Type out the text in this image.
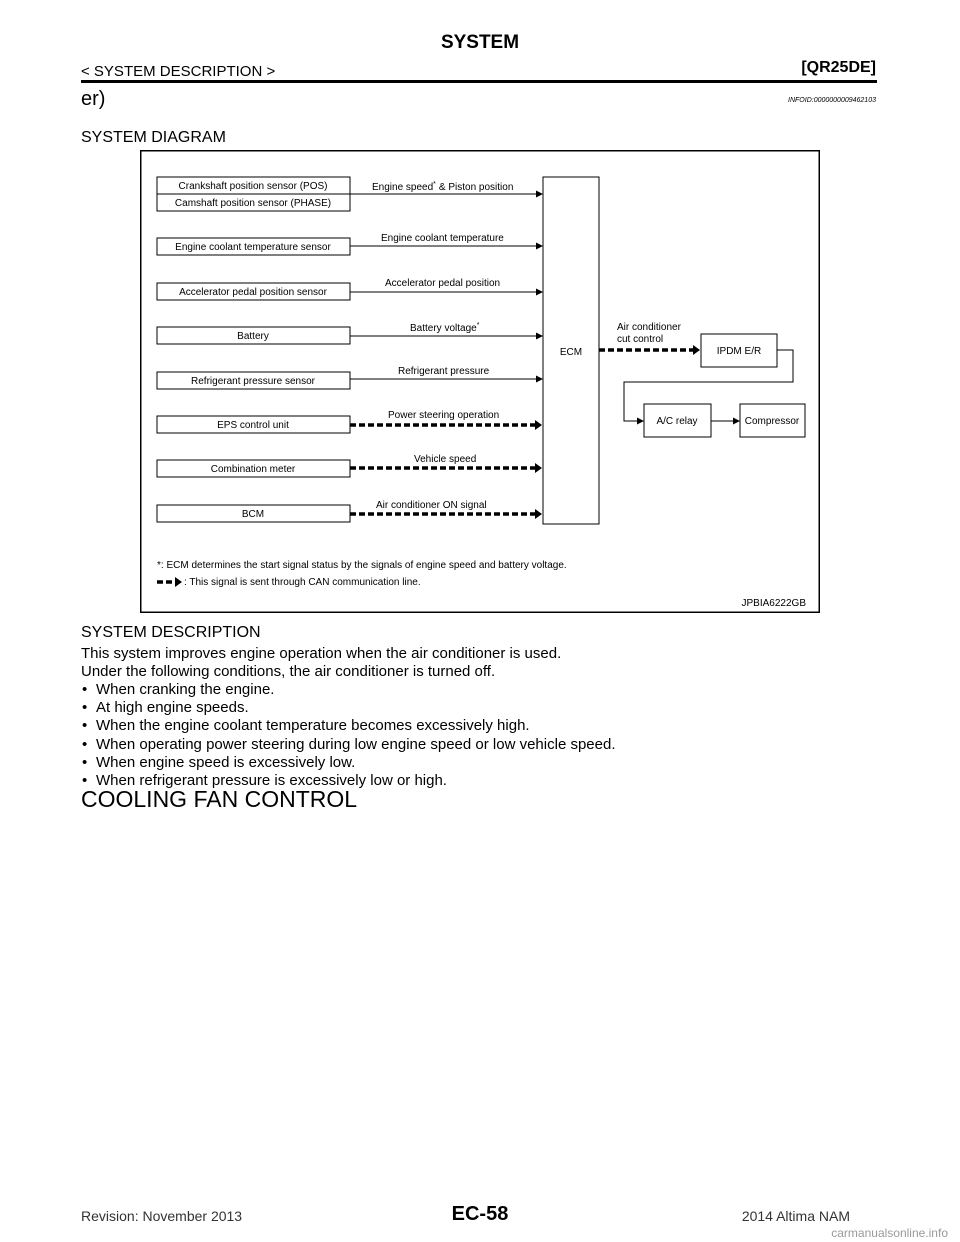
SYSTEM
< SYSTEM DESCRIPTION >	[QR25DE]
er)	INFOID:0000000009462103
SYSTEM DIAGRAM
Crankshaft position sensor (POS)
Camshaft position sensor (PHASE)
Engine coolant temperature sensor
Accelerator pedal position sensor
Battery
Refrigerant pressure sensor
EPS control unit
Combination meter
BCM
Engine speed* & Piston position
Engine coolant temperature
Accelerator pedal position
Battery voltage*
Refrigerant pressure
Power steering operation
Vehicle speed
Air conditioner ON signal
ECM
Air conditioner
cut control
IPDM E/R
A/C relay	Compressor
*: ECM determines the start signal status by the signals of engine speed and battery voltage.
: This signal is sent through CAN communication line.
JPBIA6222GB
SYSTEM DESCRIPTION
This system improves engine operation when the air conditioner is used.
Under the following conditions, the air conditioner is turned off.
• When cranking the engine.
• At high engine speeds.
• When the engine coolant temperature becomes excessively high.
• When operating power steering during low engine speed or low vehicle speed.
• When engine speed is excessively low.
• When refrigerant pressure is excessively low or high.
COOLING FAN CONTROL
Revision: November 2013	EC-58	2014 Altima NAM
carmanualsonline.info
